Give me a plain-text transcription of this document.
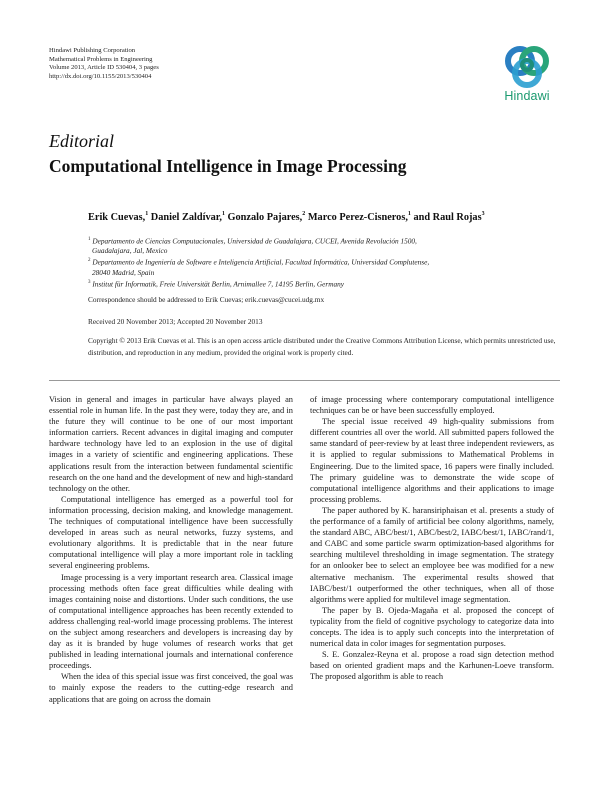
Hindawi Publishing Corporation
Mathematical Problems in Engineering
Volume 2013, Article ID 530404, 3 pages
http://dx.doi.org/10.1155/2013/530404
Hindawi
Editorial
Computational Intelligence in Image Processing
Erik Cuevas,$^1$ Daniel Zaldívar,$^1$ Gonzalo Pajares,$^2$ Marco Perez-Cisneros,$^1$ and Raul Rojas$^3$

$^1$ Departamento de Ciencias Computacionales, Universidad de Guadalajara, CUCEI, Avenida Revolución 1500,
Guadalajara, Jal, Mexico

$^2$ Departamento de Ingeniería de Software e Inteligencia Artificial, Facultad Informática, Universidad Complutense,
28040 Madrid, Spain

$^3$ Institut für Informatik, Freie Universität Berlin, Arnimallee 7, 14195 Berlin, Germany

Correspondence should be addressed to Erik Cuevas; erik.cuevas@cucei.udg.mx
Received 20 November 2013; Accepted 20 November 2013
Copyright © 2013 Erik Cuevas et al. This is an open access article distributed under the Creative Commons Attribution License, which permits unrestricted use, distribution, and reproduction in any medium, provided the original work is properly cited.

Vision in general and images in particular have always played an essential role in human life. In the past they were, today they are, and in the future they will continue to be one of our most important information carriers. Recent advances in digital imaging and computer hardware technology have led to an explosion in the use of digital images in a variety of scientific and engineering applications. These applications result from the interaction between fundamental scientific research on the one hand and the development of new and high-standard technology on the other.

Computational intelligence has emerged as a powerful tool for information processing, decision making, and knowledge management. The techniques of computational intelligence have been successfully developed in areas such as neural networks, fuzzy systems, and evolutionary algorithms. It is predictable that in the near future computational intelligence will play a more important role in tackling several engineering problems.

Image processing is a very important research area. Classical image processing methods often face great difficulties while dealing with images containing noise and distortions. Under such conditions, the use of computational intelligence approaches has been recently extended to address challenging real-world image processing problems. The interest on the subject among researchers and developers is increasing day by day as it is branded by huge volumes of research works that get published in leading international journals and international conference proceedings.

When the idea of this special issue was first conceived, the goal was to mainly expose the readers to the cutting-edge research and applications that are going on across the domain

of image processing where contemporary computational intelligence techniques can be or have been successfully employed.

The special issue received 49 high-quality submissions from different countries all over the world. All submitted papers followed the same standard of peer-review by at least three independent reviewers, as it is applied to regular submissions to Mathematical Problems in Engineering. Due to the limited space, 16 papers were finally included. The primary guideline was to demonstrate the wide scope of computational intelligence algorithms and their applications to image processing problems.

The paper authored by K. haransiriphaisan et al. presents a study of the performance of a family of artificial bee colony algorithms, namely, the standard ABC, ABC/best/1, ABC/best/2, IABC/best/1, IABC/rand/1, and CABC and some particle swarm optimization-based algorithms for searching multilevel thresholding in image segmentation. The strategy for an onlooker bee to select an employee bee was modified for a new alternative mechanism. The experimental results showed that IABC/best/1 outperformed the other techniques, when all of those algorithms were applied for multilevel image segmentation.

The paper by B. Ojeda-Magaña et al. proposed the concept of typicality from the field of cognitive psychology to categorize data into concepts. The idea is to apply such concepts into the interpretation of numerical data in color images for segmentation purposes.

S. E. Gonzalez-Reyna et al. propose a road sign detection method based on oriented gradient maps and the Karhunen-Loeve transform. The proposed algorithm is able to reach
